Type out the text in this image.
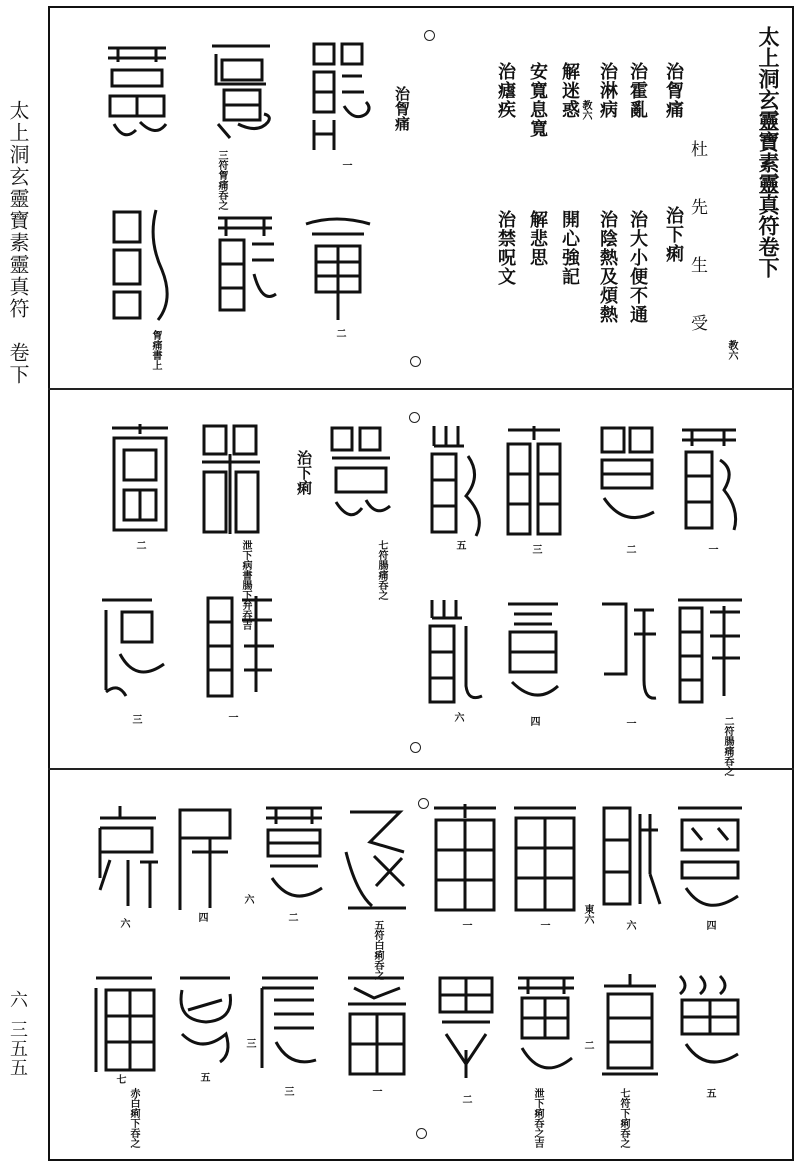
太上洞玄靈寶素靈真符　卷下
六
三五五
太上洞玄靈寶素靈真符卷下
杜　先　生　受
教六
治胷痛
治下痢
治霍亂
治大小便不通
治淋病
治陰熱及煩熱
解迷惑
開心強記
教六
安寬息寬
解悲思
治瘧疾
治禁呪文
治胷痛
一
三符胷痛呑之
二
胷痛書上
治下痢
一
二
三
五
七符腸痛呑之
泄下病書腸下弁吞吉
二
二符腸痛呑之
一
四
六
一
三
四
六
東六
一
一
五符白痢呑之
二
六
四
六
五
七符下痢呑之
泄下痢呑之吉
二
二
一
三
三
五
赤白痢下吞之
七
